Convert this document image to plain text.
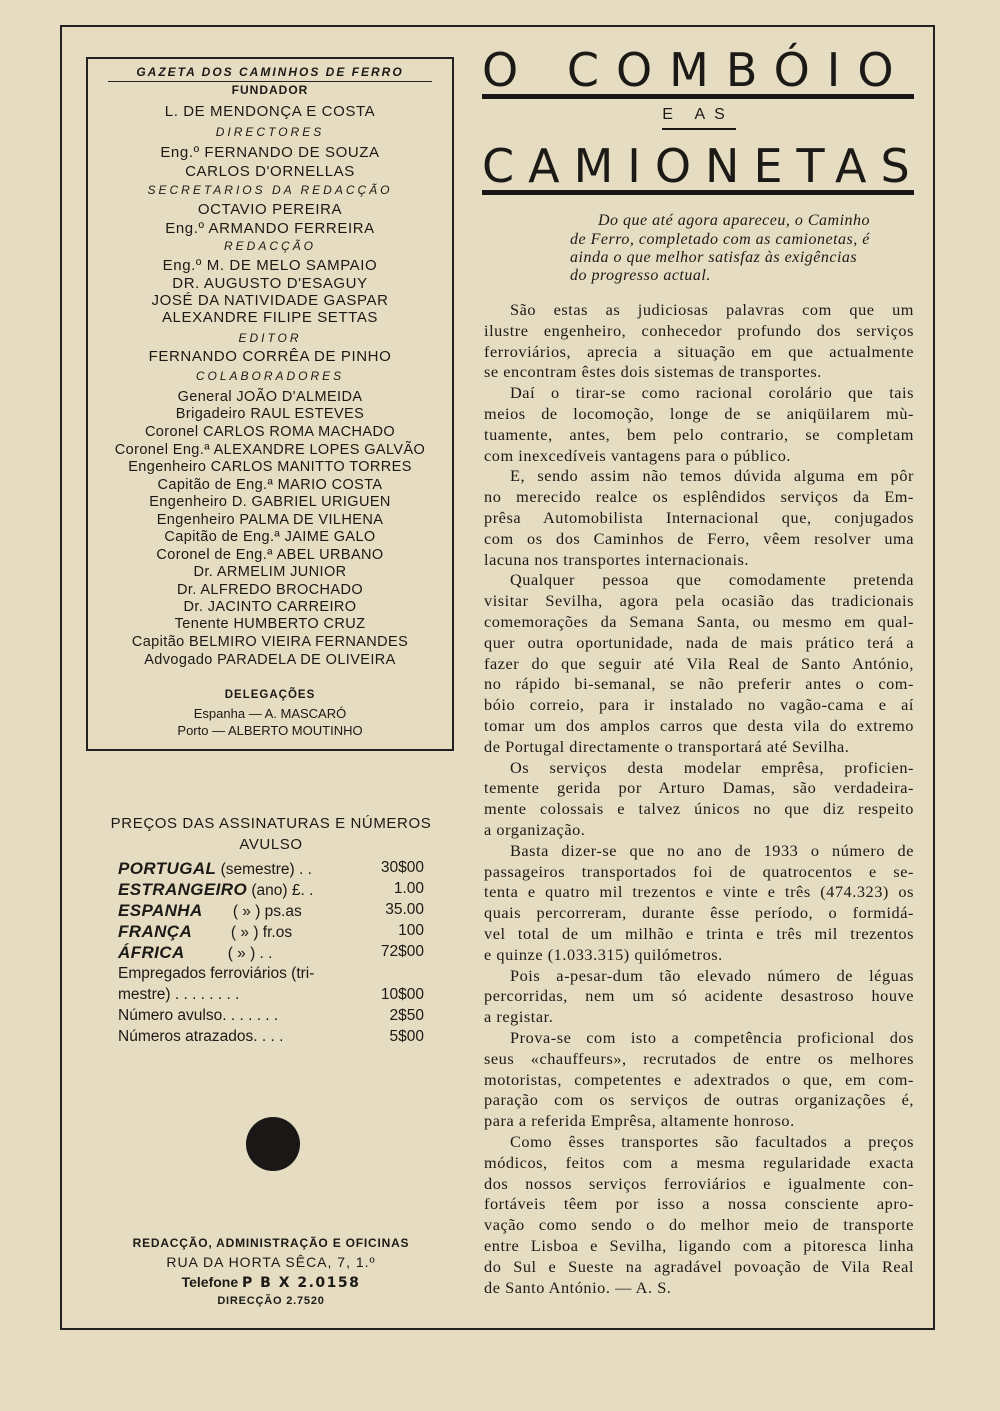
GAZETA DOS CAMINHOS DE FERRO
FUNDADOR
L. DE MENDONÇA E COSTA
DIRECTORES
Eng.º FERNANDO DE SOUZA
CARLOS D'ORNELLAS
SECRETARIOS DA REDACÇÃO
OCTAVIO PEREIRA
Eng.º ARMANDO FERREIRA
REDACÇÃO
Eng.º M. DE MELO SAMPAIO
DR. AUGUSTO D'ESAGUY
JOSÉ DA NATIVIDADE GASPAR
ALEXANDRE FILIPE SETTAS
EDITOR
FERNANDO CORRÊA DE PINHO
COLABORADORES
General JOÃO D'ALMEIDA
Brigadeiro RAUL ESTEVES
Coronel CARLOS ROMA MACHADO
Coronel Eng.ª ALEXANDRE LOPES GALVÃO
Engenheiro CARLOS MANITTO TORRES
Capitão de Eng.ª MARIO COSTA
Engenheiro D. GABRIEL URIGUEN
Engenheiro PALMA DE VILHENA
Capitão de Eng.ª JAIME GALO
Coronel de Eng.ª ABEL URBANO
Dr. ARMELIM JUNIOR
Dr. ALFREDO BROCHADO
Dr. JACINTO CARREIRO
Tenente HUMBERTO CRUZ
Capitão BELMIRO VIEIRA FERNANDES
Advogado PARADELA DE OLIVEIRA
DELEGAÇÕES
Espanha — A. MASCARÓ
Porto — ALBERTO MOUTINHO
PREÇOS DAS ASSINATURAS E NÚMEROS
AVULSO
PORTUGAL (semestre) . .	30$00
ESTRANGEIRO (ano) £. .	1.00
ESPANHA       ( » ) ps.as	35.00
FRANÇA         ( » ) fr.os	100
ÁFRICA          ( » ) . .	72$00
Empregados ferroviários (tri-
mestre) . . . . . . . .	10$00
Número avulso. . . . . . .	2$50
Números atrazados. . . .	5$00
REDACÇÃO, ADMINISTRAÇÃO E OFICINAS
RUA DA HORTA SÊCA, 7, 1.º
Telefone P B X 2.0158
DIRECÇÃO 2.7520
O COMBÓIO
E AS
CAMIONETAS
Do que até agora apareceu, o Caminho
de Ferro, completado com as camionetas, é
ainda o que melhor satisfaz às exigências
do progresso actual.
São estas as judiciosas palavras com que um
ilustre engenheiro, conhecedor profundo dos serviços
ferroviários, aprecia a situação em que actualmente
se encontram êstes dois sistemas de transportes.
Daí o tirar-se como racional corolário que tais
meios de locomoção, longe de se aniqüilarem mù-
tuamente, antes, bem pelo contrario, se completam
com inexcedíveis vantagens para o público.
E, sendo assim não temos dúvida alguma em pôr
no merecido realce os esplêndidos serviços da Em-
prêsa Automobilista Internacional que, conjugados
com os dos Caminhos de Ferro, vêem resolver uma
lacuna nos transportes internacionais.
Qualquer pessoa que comodamente pretenda
visitar Sevilha, agora pela ocasião das tradicionais
comemorações da Semana Santa, ou mesmo em qual-
quer outra oportunidade, nada de mais prático terá a
fazer do que seguir até Vila Real de Santo António,
no rápido bi-semanal, se não preferir antes o com-
bóio correio, para ir instalado no vagão-cama e aí
tomar um dos amplos carros que desta vila do extremo
de Portugal directamente o transportará até Sevilha.
Os serviços desta modelar emprêsa, proficien-
temente gerida por Arturo Damas, são verdadeira-
mente colossais e talvez únicos no que diz respeito
a organização.
Basta dizer-se que no ano de 1933 o número de
passageiros transportados foi de quatrocentos e se-
tenta e quatro mil trezentos e vinte e três (474.323) os
quais percorreram, durante êsse período, o formidá-
vel total de um milhão e trinta e três mil trezentos
e quinze (1.033.315) quilómetros.
Pois a-pesar-dum tão elevado número de léguas
percorridas, nem um só acidente desastroso houve
a registar.
Prova-se com isto a competência proficional dos
seus «chauffeurs», recrutados de entre os melhores
motoristas, competentes e adextrados o que, em com-
paração com os serviços de outras organizações é,
para a referida Emprêsa, altamente honroso.
Como êsses transportes são facultados a preços
módicos, feitos com a mesma regularidade exacta
dos nossos serviços ferroviários e igualmente con-
fortáveis têem por isso a nossa consciente apro-
vação como sendo o do melhor meio de transporte
entre Lisboa e Sevilha, ligando com a pitoresca linha
do Sul e Sueste na agradável povoação de Vila Real
de Santo António. — A. S.
